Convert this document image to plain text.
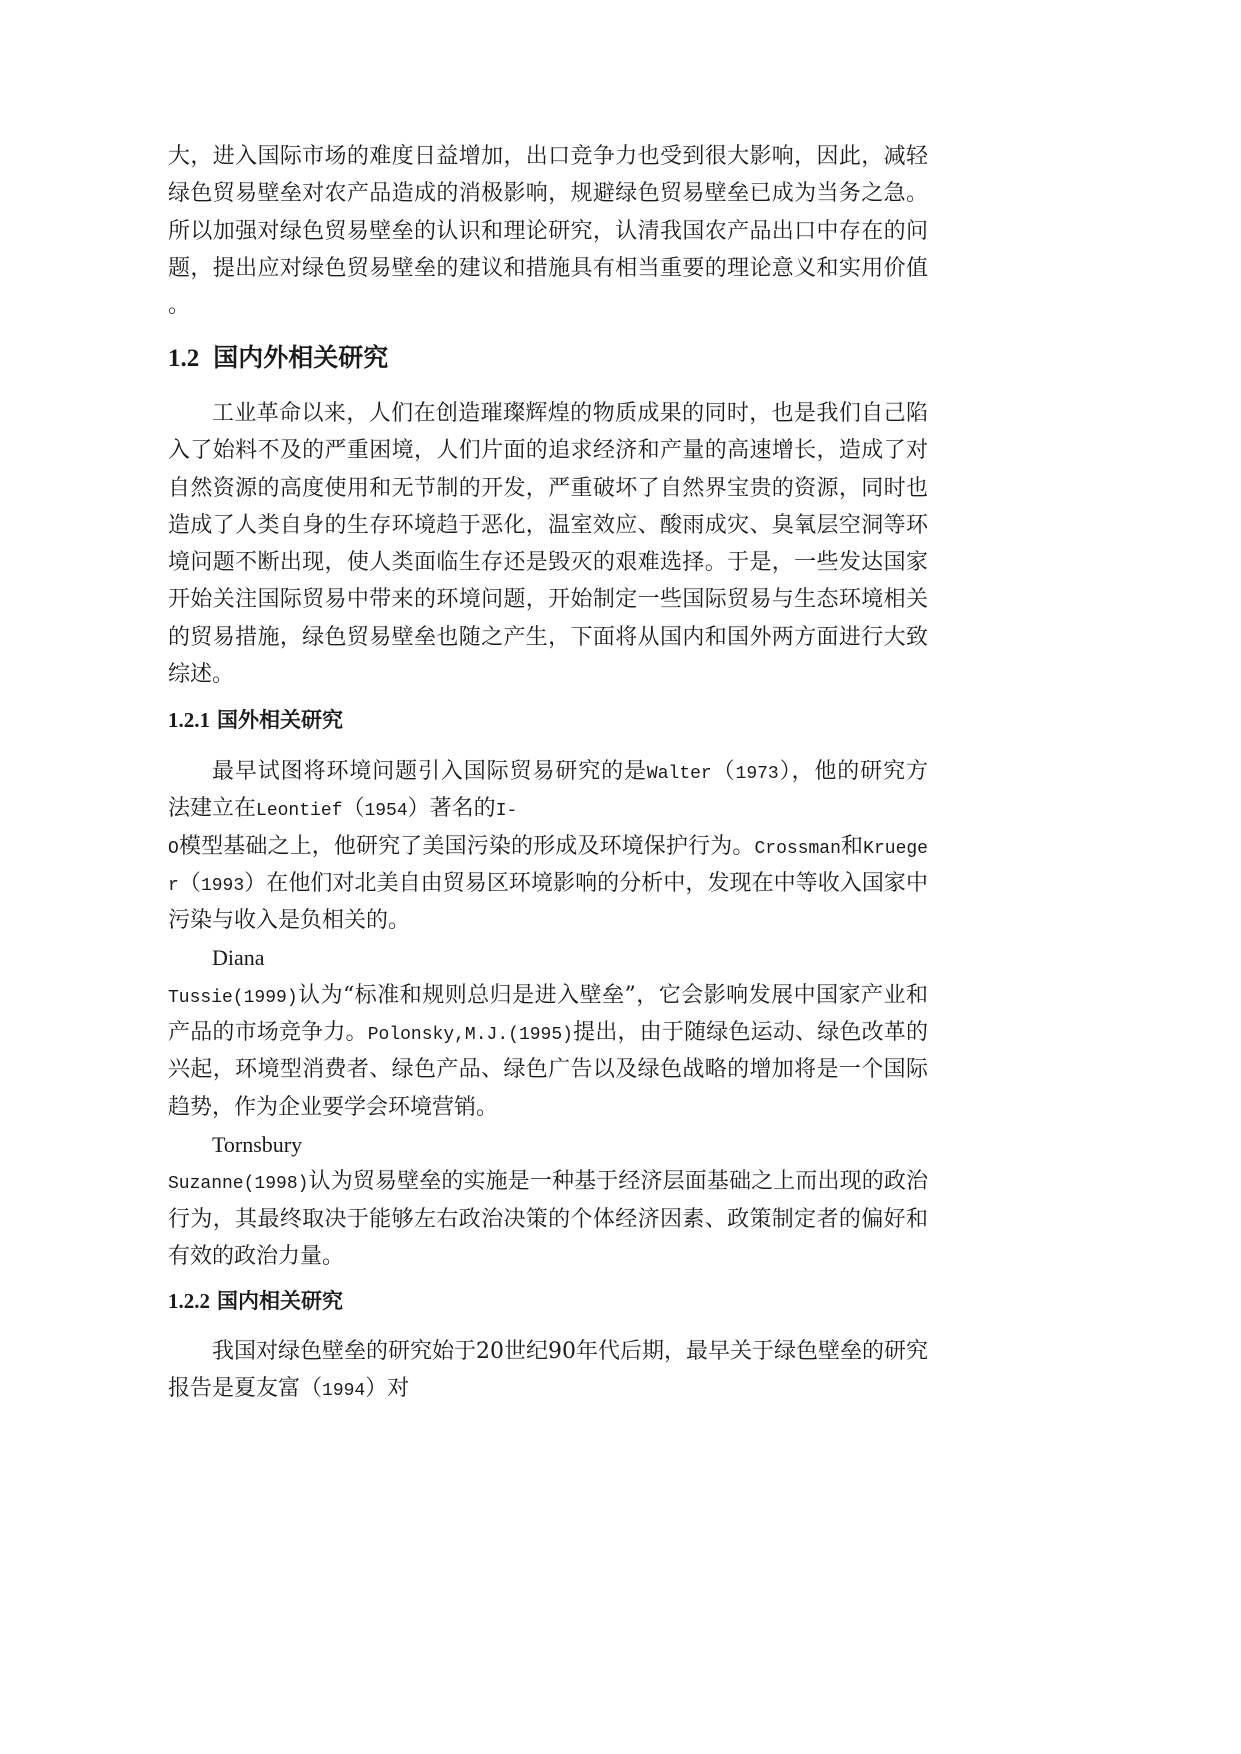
大，进入国际市场的难度日益增加，出口竞争力也受到很大影响，因此，减轻
绿色贸易壁垒对农产品造成的消极影响，规避绿色贸易壁垒已成为当务之急。
所以加强对绿色贸易壁垒的认识和理论研究，认清我国农产品出口中存在的问
题，提出应对绿色贸易壁垒的建议和措施具有相当重要的理论意义和实用价值
。
1.2 国内外相关研究
工业革命以来，人们在创造璀璨辉煌的物质成果的同时，也是我们自己陷
入了始料不及的严重困境，人们片面的追求经济和产量的高速增长，造成了对
自然资源的高度使用和无节制的开发，严重破坏了自然界宝贵的资源，同时也
造成了人类自身的生存环境趋于恶化，温室效应、酸雨成灾、臭氧层空洞等环
境问题不断出现，使人类面临生存还是毁灭的艰难选择。于是，一些发达国家
开始关注国际贸易中带来的环境问题，开始制定一些国际贸易与生态环境相关
的贸易措施，绿色贸易壁垒也随之产生，下面将从国内和国外两方面进行大致
综述。
1.2.1 国外相关研究
最早试图将环境问题引入国际贸易研究的是Walter（1973），他的研究方
法建立在Leontief（1954）著名的I-
O模型基础之上，他研究了美国污染的形成及环境保护行为。Crossman和Kruege
r（1993）在他们对北美自由贸易区环境影响的分析中，发现在中等收入国家中
污染与收入是负相关的。
Diana
Tussie(1999)认为“标准和规则总归是进入壁垒”，它会影响发展中国家产业和
产品的市场竞争力。Polonsky,M.J.(1995)提出，由于随绿色运动、绿色改革的
兴起，环境型消费者、绿色产品、绿色广告以及绿色战略的增加将是一个国际
趋势，作为企业要学会环境营销。
Tornsbury
Suzanne(1998)认为贸易壁垒的实施是一种基于经济层面基础之上而出现的政治
行为，其最终取决于能够左右政治决策的个体经济因素、政策制定者的偏好和
有效的政治力量。
1.2.2 国内相关研究
我国对绿色壁垒的研究始于20世纪90年代后期，最早关于绿色壁垒的研究
报告是夏友富（1994）对
